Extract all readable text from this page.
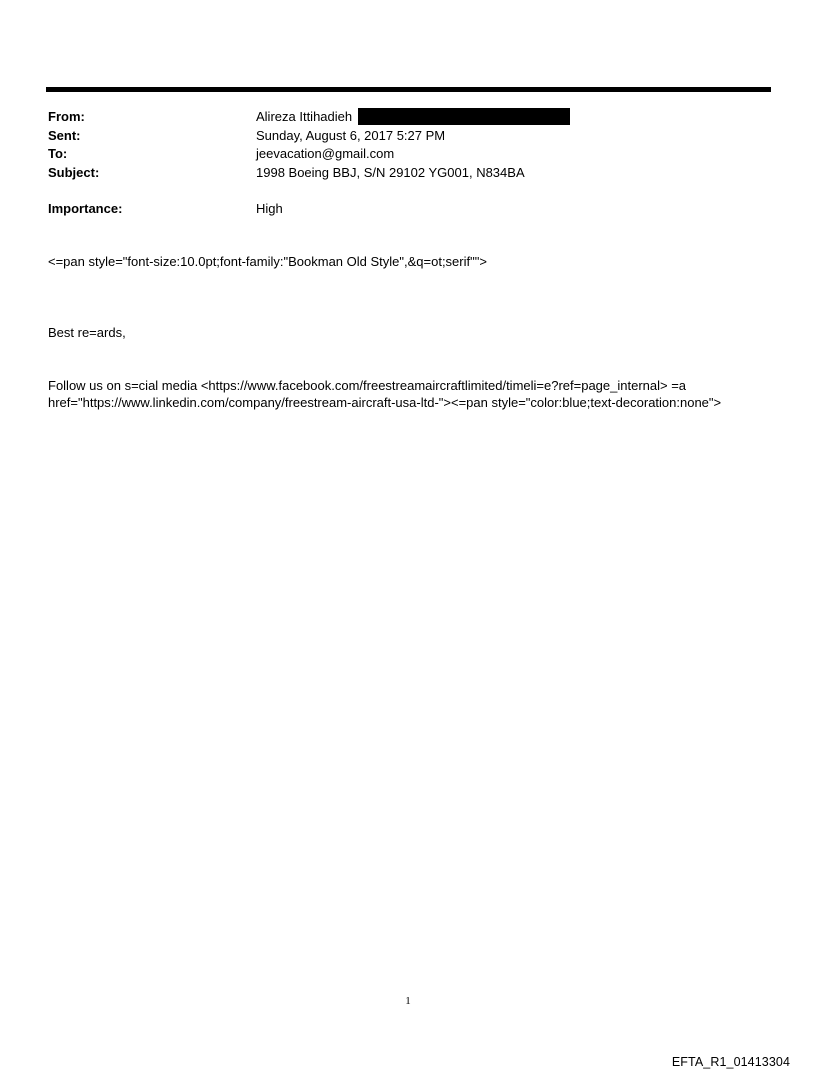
From:	Alireza Ittihadieh
Sent:	Sunday, August 6, 2017 5:27 PM
To:	jeevacation@gmail.com
Subject:	1998 Boeing BBJ, S/N 29102 YG001, N834BA
Importance:	High
<=pan style="font-size:10.0pt;font-family:"Bookman Old Style",&q=ot;serif"">
Best re=ards,
Follow us on s=cial media <https://www.facebook.com/freestreamaircraftlimited/timeli=e?ref=page_internal> =a href="https://www.linkedin.com/company/freestream-aircraft-usa-ltd-"><=pan style="color:blue;text-decoration:none">
1
EFTA_R1_01413304
